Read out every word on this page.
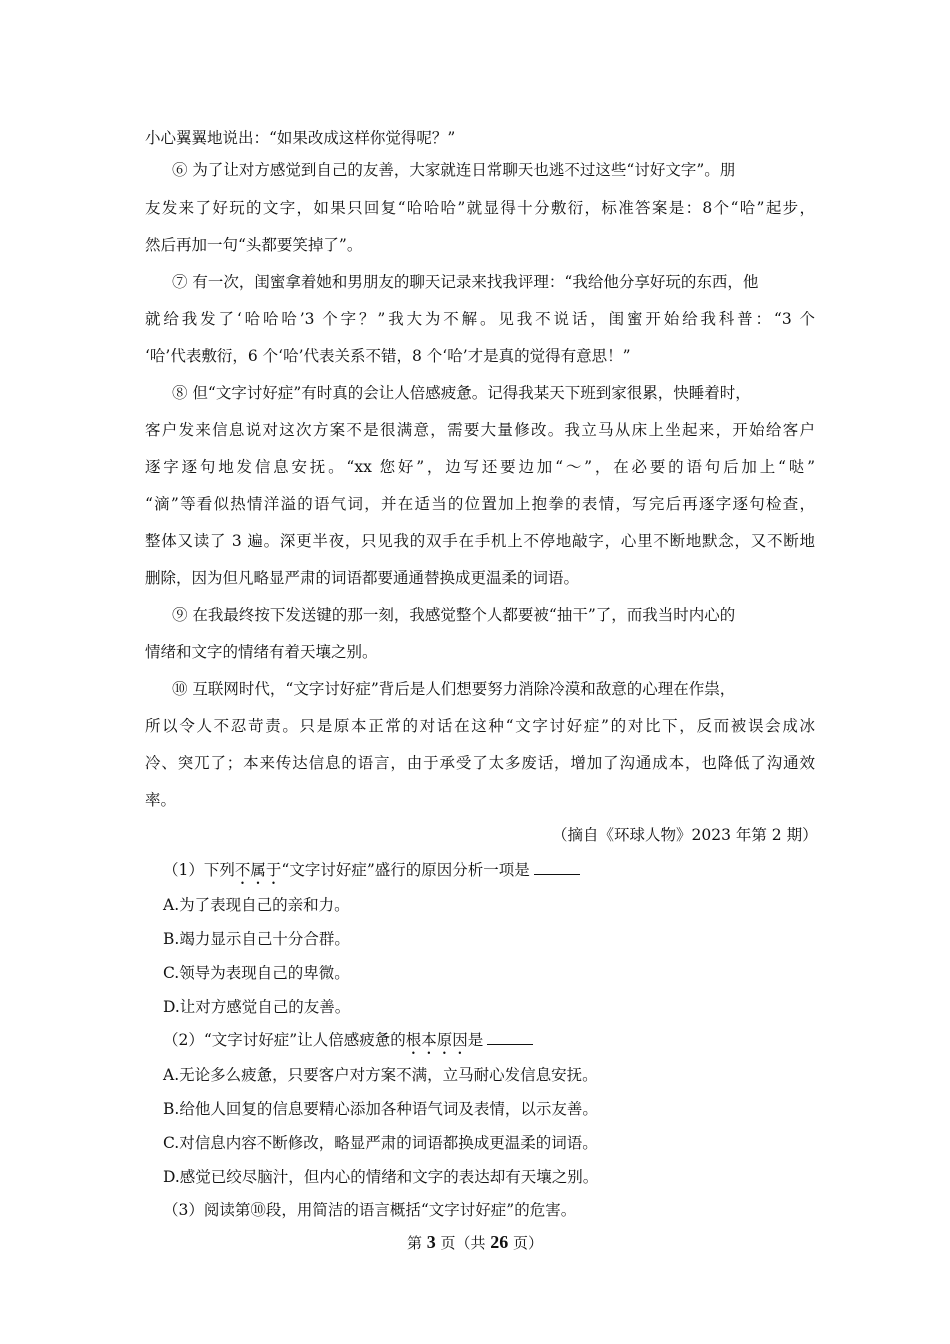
小心翼翼地说出：“如果改成这样你觉得呢？”
⑥ 为了让对方感觉到自己的友善，大家就连日常聊天也逃不过这些“讨好文字”。朋
友发来了好玩的文字，如果只回复“哈哈哈”就显得十分敷衍，标准答案是：8个“哈”起步，
然后再加一句“头都要笑掉了”。
⑦ 有一次，闺蜜拿着她和男朋友的聊天记录来找我评理：“我给他分享好玩的东西，他
就给我发了‘哈哈哈’3 个字？”我大为不解。见我不说话，闺蜜开始给我科普：“3 个
‘哈’代表敷衍，6 个‘哈’代表关系不错，8 个‘哈’才是真的觉得有意思！”
⑧ 但“文字讨好症”有时真的会让人倍感疲惫。记得我某天下班到家很累，快睡着时，
客户发来信息说对这次方案不是很满意，需要大量修改。我立马从床上坐起来，开始给客户
逐字逐句地发信息安抚。“xx 您好”，边写还要边加“～”，在必要的语句后加上“哒”
“滴”等看似热情洋溢的语气词，并在适当的位置加上抱拳的表情，写完后再逐字逐句检查，
整体又读了 3 遍。深更半夜，只见我的双手在手机上不停地敲字，心里不断地默念，又不断地
删除，因为但凡略显严肃的词语都要通通替换成更温柔的词语。
⑨ 在我最终按下发送键的那一刻，我感觉整个人都要被“抽干”了，而我当时内心的
情绪和文字的情绪有着天壤之别。
⑩ 互联网时代，“文字讨好症”背后是人们想要努力消除冷漠和敌意的心理在作祟，
所以令人不忍苛责。只是原本正常的对话在这种“文字讨好症”的对比下，反而被误会成冰
冷、突兀了；本来传达信息的语言，由于承受了太多废话，增加了沟通成本，也降低了沟通效
率。
（摘自《环球人物》2023 年第 2 期）
（1）下列不属于“文字讨好症”盛行的原因分析一项是
A.为了表现自己的亲和力。
B.竭力显示自己十分合群。
C.领导为表现自己的卑微。
D.让对方感觉自己的友善。
（2）“文字讨好症”让人倍感疲惫的根本原因是
A.无论多么疲惫，只要客户对方案不满，立马耐心发信息安抚。
B.给他人回复的信息要精心添加各种语气词及表情，以示友善。
C.对信息内容不断修改，略显严肃的词语都换成更温柔的词语。
D.感觉已绞尽脑汁，但内心的情绪和文字的表达却有天壤之别。
（3）阅读第⑩段，用简洁的语言概括“文字讨好症”的危害。
第 3 页（共 26 页）
